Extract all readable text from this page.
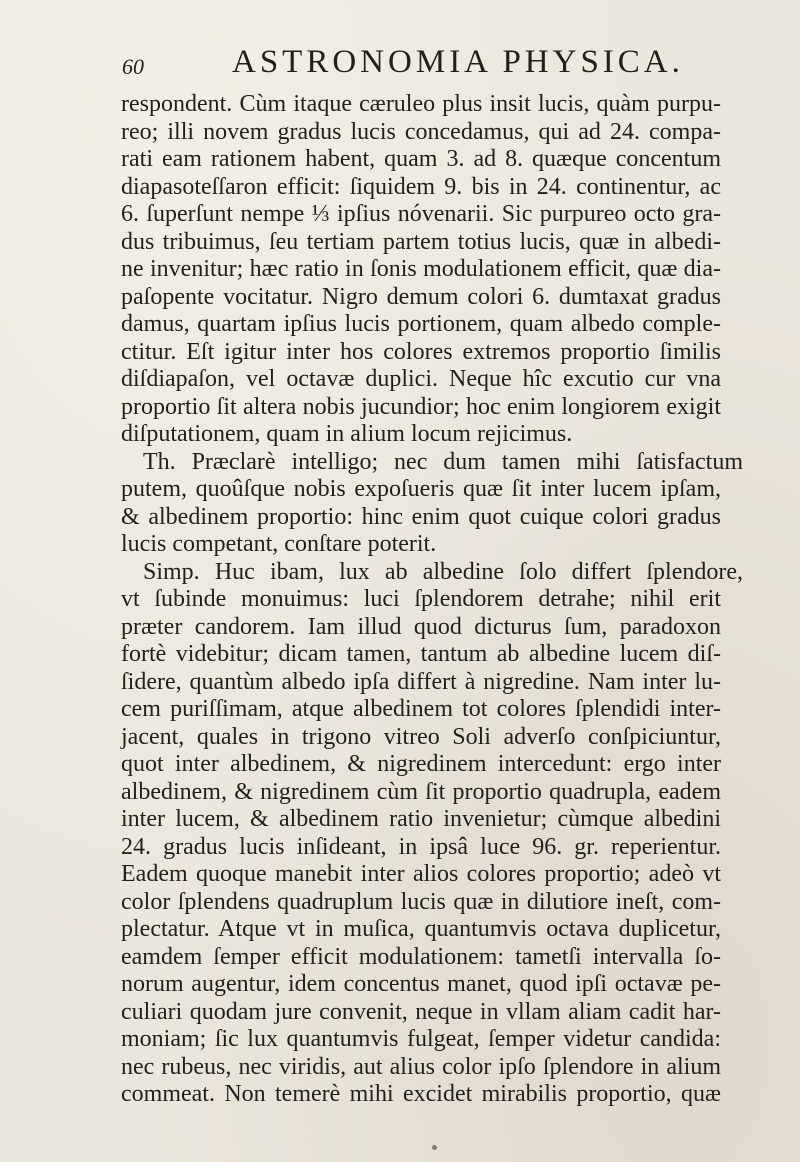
60	ASTRONOMIA PHYSICA.
respondent. Cùm itaque cæruleo plus insit lucis, quàm purpu-
reo; illi novem gradus lucis concedamus, qui ad 24. compa-
rati eam rationem habent, quam 3. ad 8. quæque concentum
diapasoteſſaron efficit: ſiquidem 9. bis in 24. continentur, ac
6. ſuperſunt nempe ⅓ ipſius nóvenarii. Sic purpureo octo gra-
dus tribuimus, ſeu tertiam partem totius lucis, quæ in albedi-
ne invenitur; hæc ratio in ſonis modulationem efficit, quæ dia-
paſopente vocitatur. Nigro demum colori 6. dumtaxat gradus
damus, quartam ipſius lucis portionem, quam albedo comple-
ctitur. Eſt igitur inter hos colores extremos proportio ſimilis
diſdiapaſon, vel octavæ duplici. Neque hîc excutio cur vna
proportio ſit altera nobis jucundior; hoc enim longiorem exigit
diſputationem, quam in alium locum rejicimus.
Th. Præclarè intelligo; nec dum tamen mihi ſatisfactum
putem, quoûſque nobis expoſueris quæ ſit inter lucem ipſam,
& albedinem proportio: hinc enim quot cuique colori gradus
lucis competant, conſtare poterit.
Simp. Huc ibam, lux ab albedine ſolo differt ſplendore,
vt ſubinde monuimus: luci ſplendorem detrahe; nihil erit
præter candorem. Iam illud quod dicturus ſum, paradoxon
fortè videbitur; dicam tamen, tantum ab albedine lucem diſ-
ſidere, quantùm albedo ipſa differt à nigredine. Nam inter lu-
cem puriſſimam, atque albedinem tot colores ſplendidi inter-
jacent, quales in trigono vitreo Soli adverſo conſpiciuntur,
quot inter albedinem, & nigredinem intercedunt: ergo inter
albedinem, & nigredinem cùm ſit proportio quadrupla, eadem
inter lucem, & albedinem ratio invenietur; cùmque albedini
24. gradus lucis inſideant, in ipsâ luce 96. gr. reperientur.
Eadem quoque manebit inter alios colores proportio; adeò vt
color ſplendens quadruplum lucis quæ in dilutiore ineſt, com-
plectatur. Atque vt in muſica, quantumvis octava duplicetur,
eamdem ſemper efficit modulationem: tametſi intervalla ſo-
norum augentur, idem concentus manet, quod ipſi octavæ pe-
culiari quodam jure convenit, neque in vllam aliam cadit har-
moniam; ſic lux quantumvis fulgeat, ſemper videtur candida:
nec rubeus, nec viridis, aut alius color ipſo ſplendore in alium
commeat. Non temerè mihi excidet mirabilis proportio, quæ
